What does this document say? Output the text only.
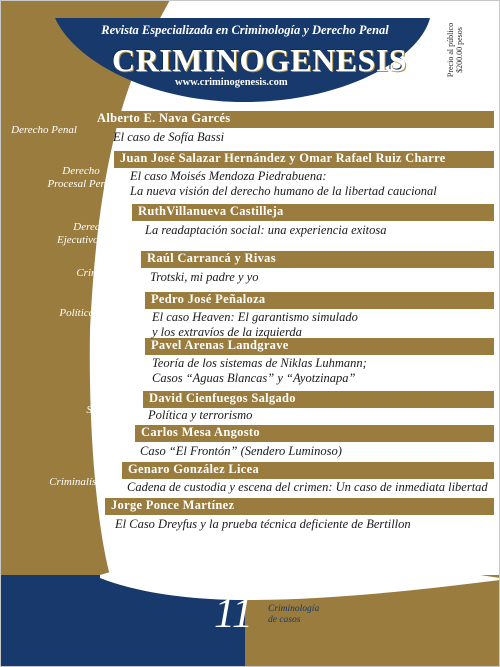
Revista Especializada en Criminología y Derecho Penal
CRIMINOGENESIS
www.criminogenesis.com
Precio al público
$200.00 pesos
Alberto E. Nava Garcés
Juan José Salazar Hernández y Omar Rafael Ruiz Charre
RuthVillanueva Castilleja
Raúl Carrancá y Rivas
Pedro José Peñaloza
Pavel Arenas Landgrave
David Cienfuegos Salgado
Carlos Mesa Angosto
Genaro González Licea
Jorge Ponce Martínez
El caso de Sofía Bassi
El caso Moisés Mendoza Piedrabuena:
La nueva visión del derecho humano de la libertad caucional
La readaptación social: una experiencia exitosa
Trotski, mi padre y yo
El caso Heaven: El garantismo simulado
y los extravíos de la izquierda
Teoría de los sistemas de Niklas Luhmann;
Casos “Aguas Blancas” y “Ayotzinapa”
Política y terrorismo
Caso “El Frontón” (Sendero Luminoso)
Cadena de custodia y escena del crimen: Un caso de inmediata libertad
El Caso Dreyfus y la prueba técnica deficiente de Bertillon
Derecho Penal
Derecho
Procesal Penal
Derecho
Ejecutivo Penal
Criminología
Política Criminal
Seguridad
Criminalística
11 Criminología
de casos
